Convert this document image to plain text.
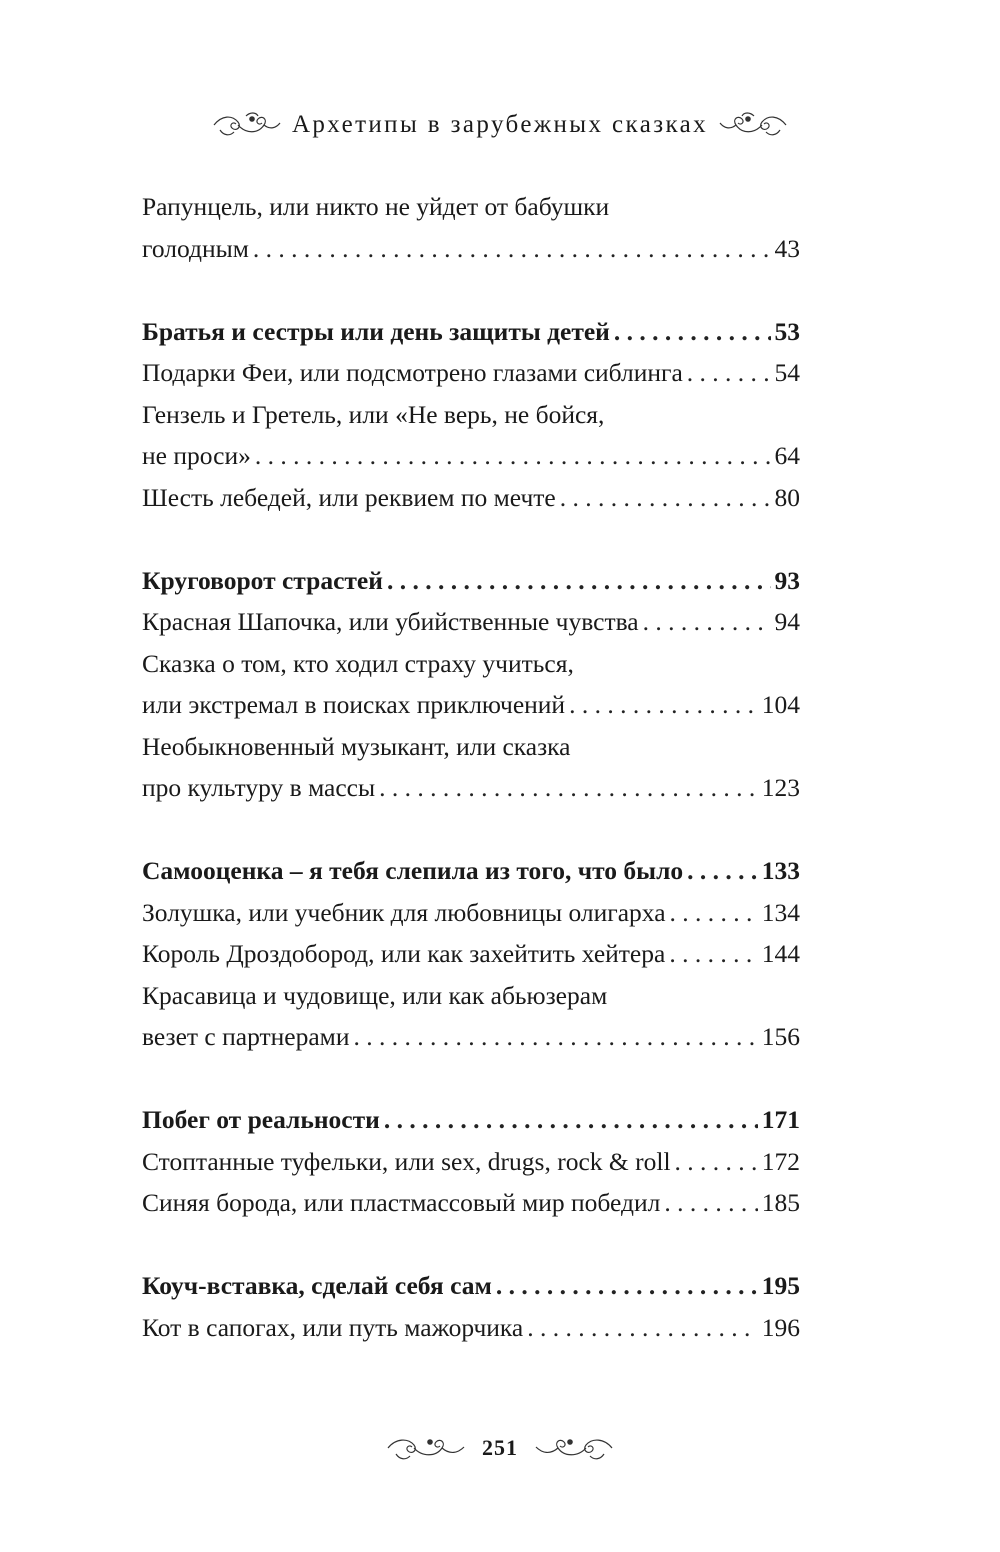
Архетипы в зарубежных сказках
Рапунцель, или никто не уйдет от бабушки
голодным . . .	43
Братья и сестры или день защиты детей . . .	53
Подарки Феи, или подсмотрено глазами сиблинга . . .	54
Гензель и Гретель, или «Не верь, не бойся,
не проси» . . .	64
Шесть лебедей, или реквием по мечте . . .	80
Круговорот страстей . . .	93
Красная Шапочка, или убийственные чувства . . .	94
Сказка о том, кто ходил страху учиться,
или экстремал в поисках приключений . . .	104
Необыкновенный музыкант, или сказка
про культуру в массы . . .	123
Самооценка – я тебя слепила из того, что было . . .	133
Золушка, или учебник для любовницы олигарха . . .	134
Король Дроздобород, или как захейтить хейтера . . .	144
Красавица и чудовище, или как абьюзерам
везет с партнерами . . .	156
Побег от реальности . . .	171
Стоптанные туфельки, или sex, drugs, rock & roll . . .	172
Синяя борода, или пластмассовый мир победил . . .	185
Коуч-вставка, сделай себя сам . . .	195
Кот в сапогах, или путь мажорчика . . .	196
251
